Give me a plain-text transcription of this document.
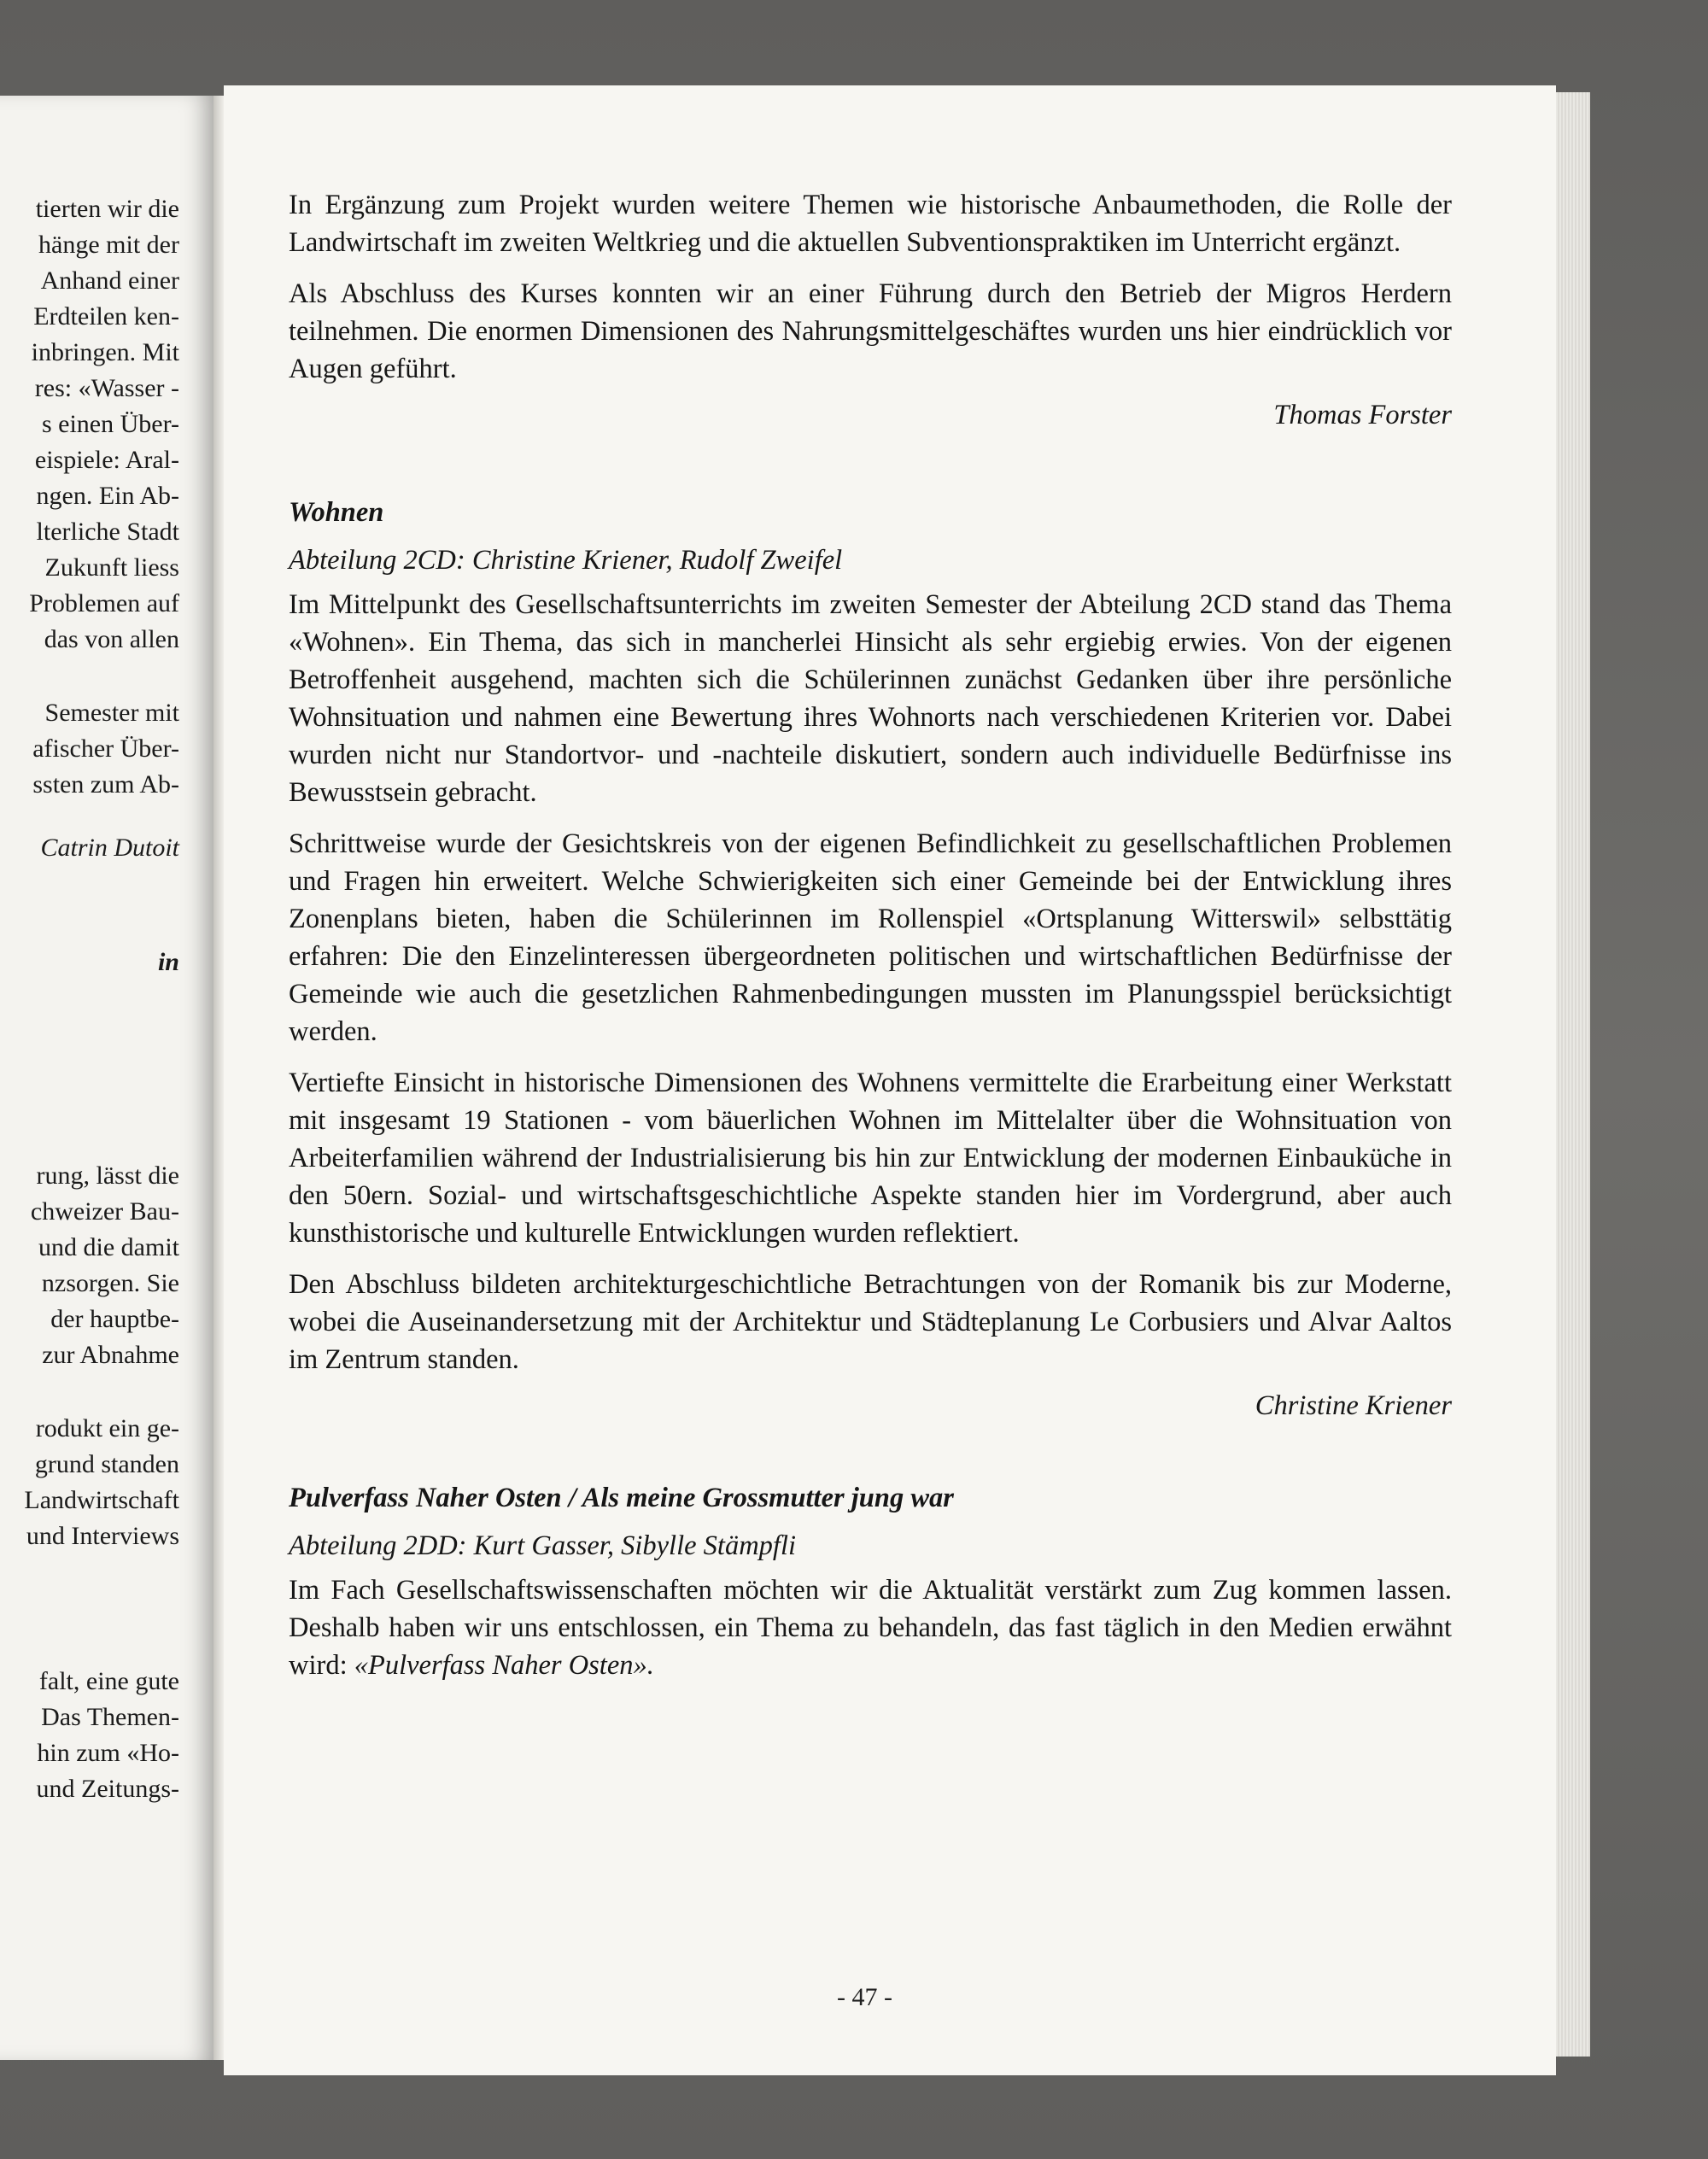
tierten wir die
hänge mit der
Anhand einer
Erdteilen ken-
inbringen. Mit
res: «Wasser -
s einen Über-
eispiele: Aral-
ngen. Ein Ab-
lterliche Stadt
Zukunft liess
Problemen auf
das von allen
Semester mit
afischer Über-
ssten zum Ab-
Catrin Dutoit
in
rung, lässt die
chweizer Bau-
und die damit
nzsorgen. Sie
der hauptbe-
zur Abnahme
rodukt ein ge-
grund standen
Landwirtschaft
und Interviews
falt, eine gute
Das Themen-
hin zum «Ho-
und Zeitungs-

In Ergänzung zum Projekt wurden weitere Themen wie historische Anbaumethoden, die Rolle der Landwirtschaft im zweiten Weltkrieg und die aktuellen Subventionspraktiken im Unterricht ergänzt.

Als Abschluss des Kurses konnten wir an einer Führung durch den Betrieb der Migros Herdern teilnehmen. Die enormen Dimensionen des Nahrungsmittelgeschäftes wurden uns hier eindrücklich vor Augen geführt.

Thomas Forster

Wohnen
Abteilung 2CD: Christine Kriener, Rudolf Zweifel

Im Mittelpunkt des Gesellschaftsunterrichts im zweiten Semester der Abteilung 2CD stand das Thema «Wohnen». Ein Thema, das sich in mancherlei Hinsicht als sehr ergiebig erwies. Von der eigenen Betroffenheit ausgehend, machten sich die Schülerinnen zunächst Gedanken über ihre persönliche Wohnsituation und nahmen eine Bewertung ihres Wohnorts nach verschiedenen Kriterien vor. Dabei wurden nicht nur Standortvor- und -nachteile diskutiert, sondern auch individuelle Bedürfnisse ins Bewusstsein gebracht.

Schrittweise wurde der Gesichtskreis von der eigenen Befindlichkeit zu gesellschaftlichen Problemen und Fragen hin erweitert. Welche Schwierigkeiten sich einer Gemeinde bei der Entwicklung ihres Zonenplans bieten, haben die Schülerinnen im Rollenspiel «Ortsplanung Witterswil» selbsttätig erfahren: Die den Einzelinteressen übergeordneten politischen und wirtschaftlichen Bedürfnisse der Gemeinde wie auch die gesetzlichen Rahmenbedingungen mussten im Planungsspiel berücksichtigt werden.

Vertiefte Einsicht in historische Dimensionen des Wohnens vermittelte die Erarbeitung einer Werkstatt mit insgesamt 19 Stationen - vom bäuerlichen Wohnen im Mittelalter über die Wohnsituation von Arbeiterfamilien während der Industrialisierung bis hin zur Entwicklung der modernen Einbauküche in den 50ern. Sozial- und wirtschaftsgeschichtliche Aspekte standen hier im Vordergrund, aber auch kunsthistorische und kulturelle Entwicklungen wurden reflektiert.

Den Abschluss bildeten architekturgeschichtliche Betrachtungen von der Romanik bis zur Moderne, wobei die Auseinandersetzung mit der Architektur und Städteplanung Le Corbusiers und Alvar Aaltos im Zentrum standen.

Christine Kriener

Pulverfass Naher Osten / Als meine Grossmutter jung war
Abteilung 2DD: Kurt Gasser, Sibylle Stämpfli

Im Fach Gesellschaftswissenschaften möchten wir die Aktualität verstärkt zum Zug kommen lassen. Deshalb haben wir uns entschlossen, ein Thema zu behandeln, das fast täglich in den Medien erwähnt wird: «Pulverfass Naher Osten».

- 47 -
